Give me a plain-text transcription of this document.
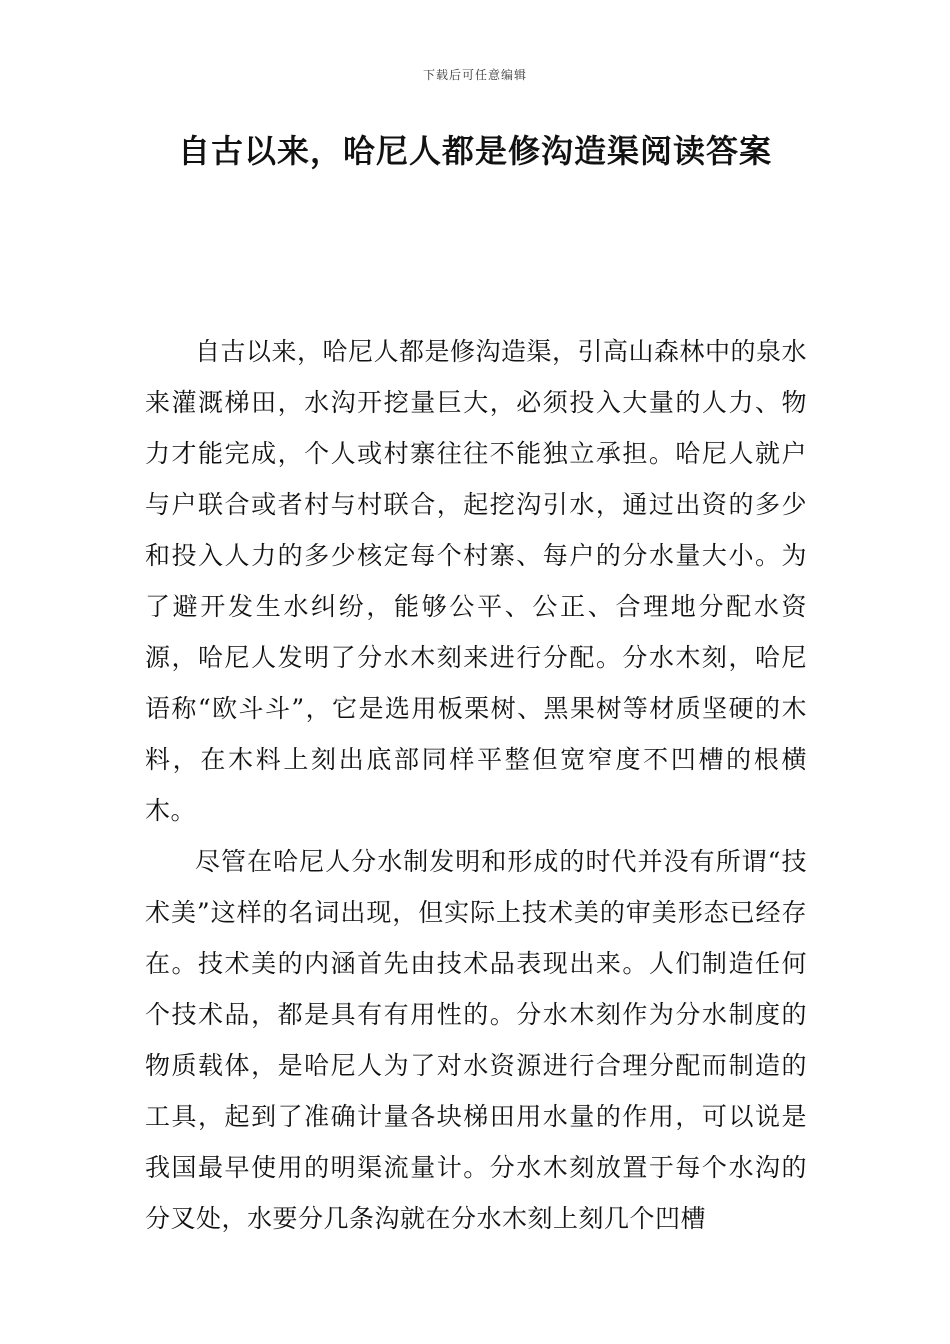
下载后可任意编辑
自古以来，哈尼人都是修沟造渠阅读答案

自古以来，哈尼人都是修沟造渠，引高山森林中的泉水来灌溉梯田，水沟开挖量巨大，必须投入大量的人力、物力才能完成，个人或村寨往往不能独立承担。哈尼人就户与户联合或者村与村联合，起挖沟引水，通过出资的多少和投入人力的多少核定每个村寨、每户的分水量大小。为了避开发生水纠纷，能够公平、公正、合理地分配水资源，哈尼人发明了分水木刻来进行分配。分水木刻，哈尼语称“欧斗斗”，它是选用板栗树、黑果树等材质坚硬的木料，在木料上刻出底部同样平整但宽窄度不凹槽的根横木。

尽管在哈尼人分水制发明和形成的时代并没有所谓“技术美”这样的名词出现，但实际上技术美的审美形态已经存在。技术美的内涵首先由技术品表现出来。人们制造任何个技术品，都是具有有用性的。分水木刻作为分水制度的物质载体，是哈尼人为了对水资源进行合理分配而制造的工具，起到了准确计量各块梯田用水量的作用，可以说是我国最早使用的明渠流量计。分水木刻放置于每个水沟的分叉处，水要分几条沟就在分水木刻上刻几个凹槽
